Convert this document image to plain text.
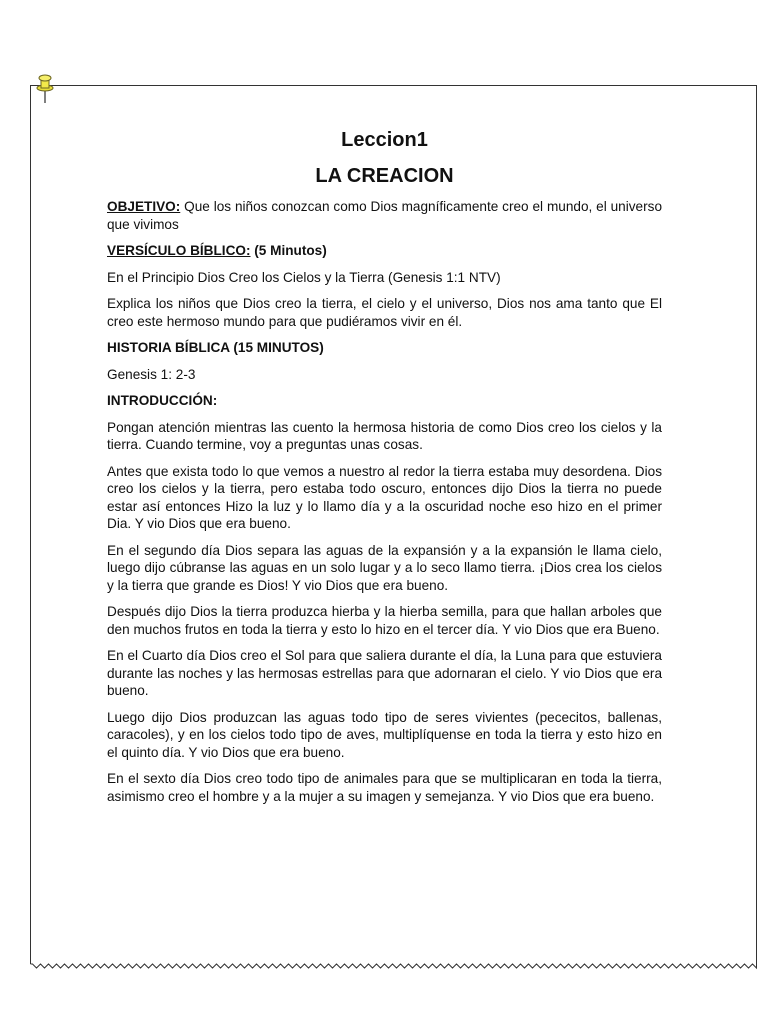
Leccion1
LA CREACION

OBJETIVO: Que los niños conozcan como Dios magníficamente creo el mundo, el universo que vivimos

VERSÍCULO BÍBLICO: (5 Minutos)

En el Principio Dios Creo los Cielos y la Tierra (Genesis 1:1 NTV)

Explica los niños que Dios creo la tierra, el cielo y el universo, Dios nos ama tanto que El creo este hermoso mundo para que pudiéramos vivir en él.

HISTORIA BÍBLICA (15 MINUTOS)

Genesis 1: 2-3

INTRODUCCIÓN:

Pongan atención mientras las cuento la hermosa historia de como Dios creo los cielos y la tierra. Cuando termine, voy a preguntas unas cosas.

Antes que exista todo lo que vemos a nuestro al redor la tierra estaba muy desordena. Dios creo los cielos y la tierra, pero estaba todo oscuro, entonces dijo Dios la tierra no puede estar así entonces Hizo la luz y lo llamo día y a la oscuridad noche eso hizo en el primer Dia. Y vio Dios que era bueno.

En el segundo día Dios separa las aguas de la expansión y a la expansión le llama cielo, luego dijo cúbranse las aguas en un solo lugar y a lo seco llamo tierra. ¡Dios crea los cielos y la tierra que grande es Dios! Y vio Dios que era bueno.

Después dijo Dios la tierra produzca hierba y la hierba semilla, para que hallan arboles que den muchos frutos en toda la tierra y esto lo hizo en el tercer día. Y vio Dios que era Bueno.

En el Cuarto día Dios creo el Sol para que saliera durante el día, la Luna para que estuviera durante las noches y las hermosas estrellas para que adornaran el cielo. Y vio Dios que era bueno.

Luego dijo Dios produzcan las aguas todo tipo de seres vivientes (pececitos, ballenas, caracoles), y en los cielos todo tipo de aves, multiplíquense en toda la tierra y esto hizo en el quinto día. Y vio Dios que era bueno.

En el sexto día Dios creo todo tipo de animales para que se multiplicaran en toda la tierra, asimismo creo el hombre y a la mujer a su imagen y semejanza. Y vio Dios que era bueno.
